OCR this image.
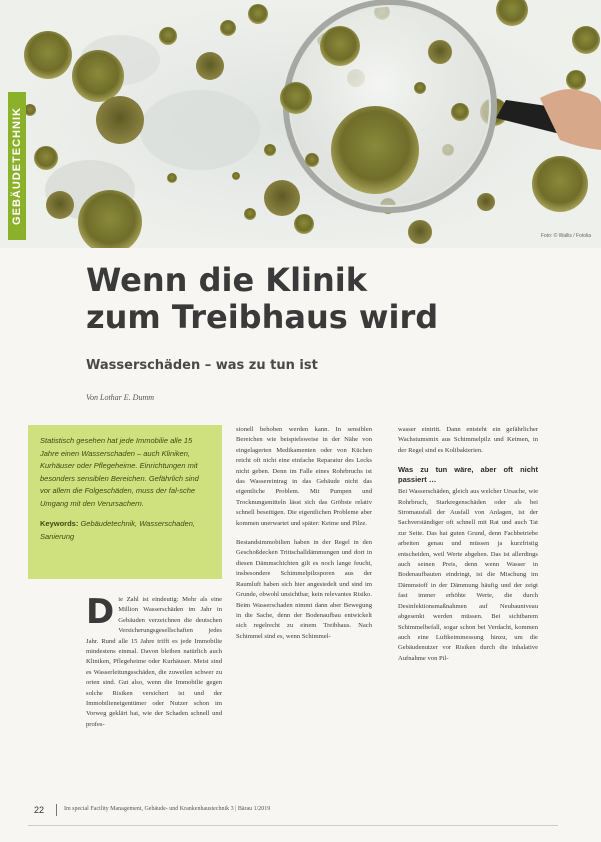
GEBÄUDETECHNIK
Foto: © Wallis / Fotolia
Wenn die Klinik
zum Treibhaus wird
Wasserschäden – was zu tun ist
Von Lothar E. Dumm

Statistisch gesehen hat jede Immobilie alle 15 Jahre einen Wasserschaden – auch Kliniken, Kurhäuser oder Pflegeheime. Einrichtungen mit besonders sensiblen Bereichen. Gefährlich sind vor allem die Folgeschäden, muss der fal-sche Umgang mit den Verursachern.

Keywords: Gebäudetechnik, Wasserschaden, Sanierung

Die Zahl ist eindeutig: Mehr als eine Million Wasserschäden im Jahr in Gebäuden verzeichnen die deutschen Versicherungsgesellschaften jedes Jahr. Rund alle 15 Jahre trifft es jede Immobilie mindestens einmal. Davon bleiben natürlich auch Kliniken, Pflegeheime oder Kurhäuser. Meist sind es Wasserleitungsschäden, die zuweilen schwer zu orten sind. Gut also, wenn die Immobilie gegen solche Risiken versichert ist und der Immobilieneigentümer oder Nutzer schon im Vorweg geklärt hat, wie der Schaden schnell und profes-

sionell behoben werden kann. In sensiblen Bereichen wie beispielsweise in der Nähe von eingelagerten Medikamenten oder von Küchen reicht oft nicht eine einfache Reparatur des Lecks nicht geben. Denn im Falle eines Rohrbruchs ist das Wassereintrag in das Gebäude nicht das eigentliche Problem. Mit Pumpen und Trocknungsmitteln lässt sich das Gröbste relativ schnell beseitigen. Die eigentlichen Probleme aber kommen unerwartet und später: Keime und Pilze.

Bestandsimmobilien haben in der Regel in den Geschoßdecken Trittschalldämmungen und dort in diesen Dämmschichten gilt es noch lange feucht, insbesondere Schimmelpilzsporen aus der Raumluft haben sich hier angesiedelt und sind im Grunde, obwohl unsichtbar, kein relevantes Risiko. Beim Wasserschaden nimmt dann aber Bewegung in die Sache, denn der Bodenaufbau entwickelt sich regelrecht zu einem Treibhaus. Nach Schimmel sind es, wenn Schimmel-

wasser eintritt. Dann entsteht ein gefährlicher Wachstumsmix aus Schimmelpilz und Keimen, in der Regel sind es Kolibakterien.

Was zu tun wäre, aber oft nicht passiert …

Bei Wasserschäden, gleich aus welcher Ursache, wie Rohrbruch, Starkregenschäden oder als bei Stromausfall der Ausfall von Anlagen, ist der Sachverständiger oft schnell mit Rat und auch Tat zur Seite. Das hat guten Grund, denn Fachbetriebe arbeiten genau und müssen ja kurzfristig entscheiden, weil Werte abgehen. Das ist allerdings auch seinen Preis, denn wenn Wasser in Bodenaufbauten eindringt, ist die Mischung im Dämmstoff in der Dämmung häufig und der zeigt fast immer erhöhte Werte, die durch Desinfektionsmaßnahmen auf Neubauniveau abgesenkt werden müssen. Bei sichtbarem Schimmelbefall, sogar schon bei Verdacht, kommen auch eine Luftkeimmessung hinzu, um die Gebäudenutzer vor Risiken durch die inhalative Aufnahme von Pil-

22	Im special Facility Management, Gebäude- und Krankenhaustechnik 3 | Bärau 1/2019
